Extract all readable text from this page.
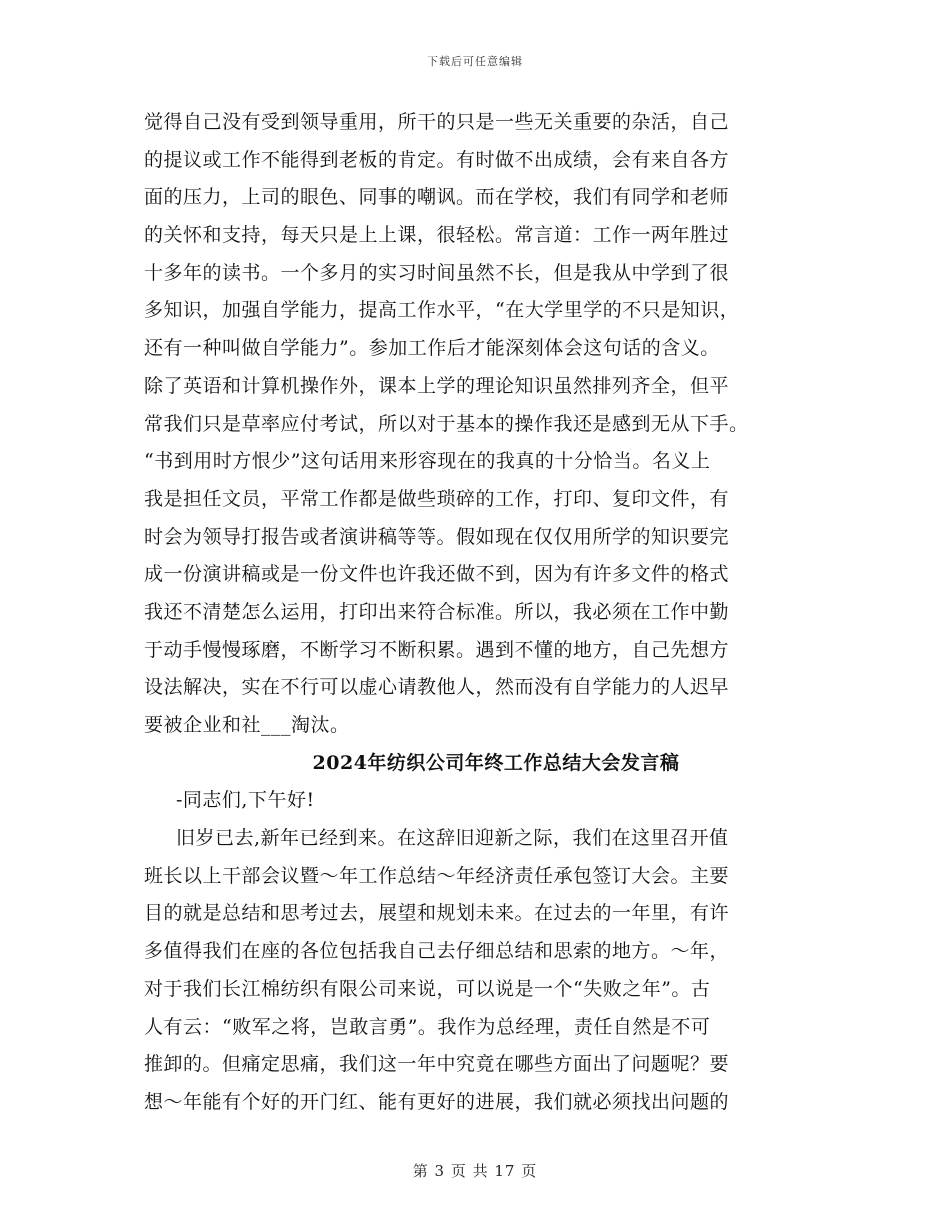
下载后可任意编辑
觉得自己没有受到领导重用，所干的只是一些无关重要的杂活，自己
的提议或工作不能得到老板的肯定。有时做不出成绩，会有来自各方
面的压力，上司的眼色、同事的嘲讽。而在学校，我们有同学和老师
的关怀和支持，每天只是上上课，很轻松。常言道：工作一两年胜过
十多年的读书。一个多月的实习时间虽然不长，但是我从中学到了很
多知识，加强自学能力，提高工作水平，“在大学里学的不只是知识，
还有一种叫做自学能力”。参加工作后才能深刻体会这句话的含义。
除了英语和计算机操作外，课本上学的理论知识虽然排列齐全，但平
常我们只是草率应付考试，所以对于基本的操作我还是感到无从下手。
“书到用时方恨少”这句话用来形容现在的我真的十分恰当。名义上
我是担任文员，平常工作都是做些琐碎的工作，打印、复印文件，有
时会为领导打报告或者演讲稿等等。假如现在仅仅用所学的知识要完
成一份演讲稿或是一份文件也许我还做不到，因为有许多文件的格式
我还不清楚怎么运用，打印出来符合标准。所以，我必须在工作中勤
于动手慢慢琢磨，不断学习不断积累。遇到不懂的地方，自己先想方
设法解决，实在不行可以虚心请教他人，然而没有自学能力的人迟早
要被企业和社___淘汰。
2024年纺织公司年终工作总结大会发言稿
-同志们,下午好!
旧岁已去,新年已经到来。在这辞旧迎新之际，我们在这里召开值
班长以上干部会议暨～年工作总结～年经济责任承包签订大会。主要
目的就是总结和思考过去，展望和规划未来。在过去的一年里，有许
多值得我们在座的各位包括我自己去仔细总结和思索的地方。～年，
对于我们长江棉纺织有限公司来说，可以说是一个“失败之年”。古
人有云：“败军之将，岂敢言勇”。我作为总经理，责任自然是不可
推卸的。但痛定思痛，我们这一年中究竟在哪些方面出了问题呢？要
想～年能有个好的开门红、能有更好的进展，我们就必须找出问题的
第 3 页 共 17 页
